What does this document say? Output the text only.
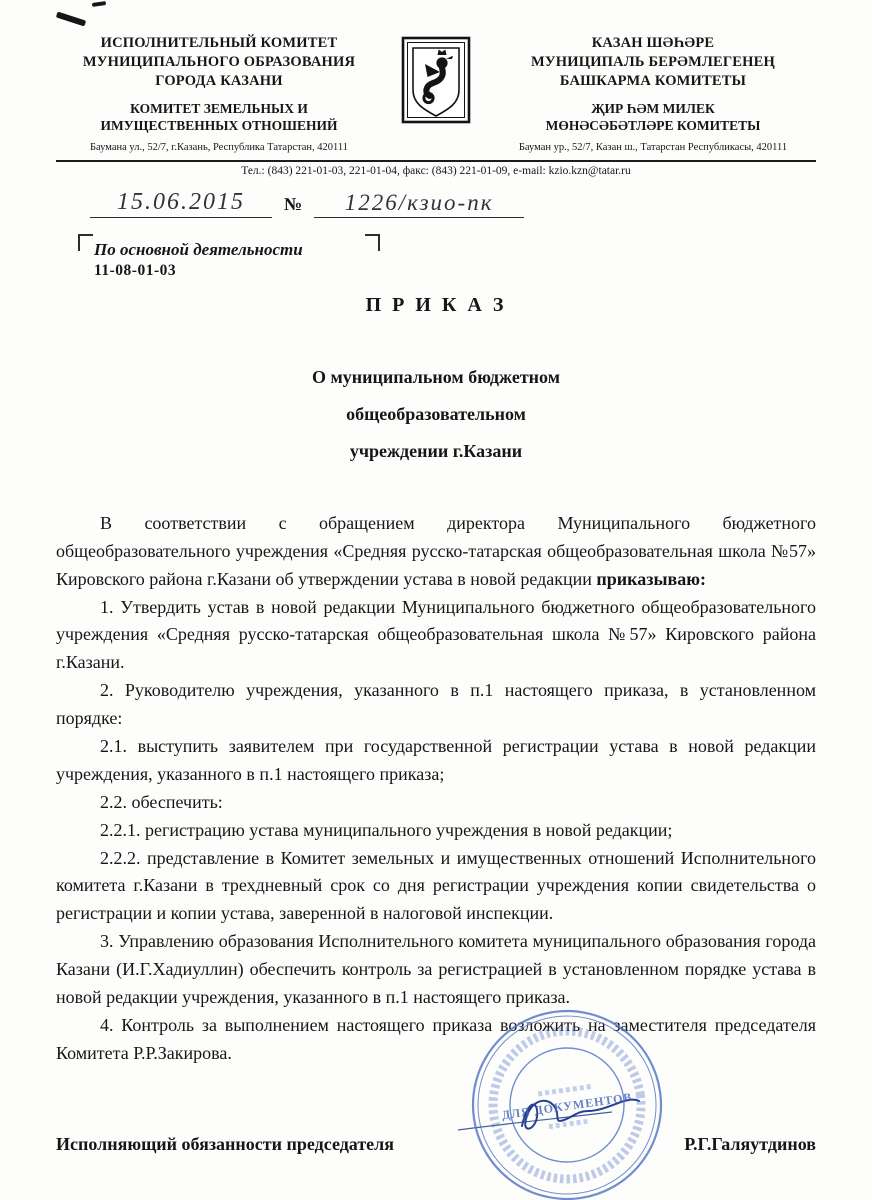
ИСПОЛНИТЕЛЬНЫЙ КОМИТЕТ
МУНИЦИПАЛЬНОГО ОБРАЗОВАНИЯ
ГОРОДА КАЗАНИ
КОМИТЕТ ЗЕМЕЛЬНЫХ И
ИМУЩЕСТВЕННЫХ ОТНОШЕНИЙ
Баумана ул., 52/7, г.Казань, Республика Татарстан, 420111
КАЗАН ШӘҺӘРЕ
МУНИЦИПАЛЬ БЕРӘМЛЕГЕНЕҢ
БАШКАРМА КОМИТЕТЫ
ҖИР ҺӘМ МИЛЕК
МӨНӘСӘБӘТЛӘРЕ КОМИТЕТЫ
Бауман ур., 52/7, Казан ш., Татарстан Республикасы, 420111
Тел.: (843) 221-01-03, 221-01-04, факс: (843) 221-01-09, e-mail: kzio.kzn@tatar.ru
15.06.2015	№	1226/кзио-пк
По основной деятельности
11-08-01-03
П Р И К А З
О муниципальном бюджетном
общеобразовательном
учреждении г.Казани

В соответствии с обращением директора Муниципального бюджетного общеобразовательного учреждения «Средняя русско-татарская общеобразовательная школа №57» Кировского района г.Казани об утверждении устава в новой редакции приказываю:

1. Утвердить устав в новой редакции Муниципального бюджетного общеобразовательного учреждения «Средняя русско-татарская общеобразовательная школа №57» Кировского района г.Казани.

2. Руководителю учреждения, указанного в п.1 настоящего приказа, в установленном порядке:

2.1. выступить заявителем при государственной регистрации устава в новой редакции учреждения, указанного в п.1 настоящего приказа;

2.2. обеспечить:

2.2.1. регистрацию устава муниципального учреждения в новой редакции;

2.2.2. представление в Комитет земельных и имущественных отношений Исполнительного комитета г.Казани в трехдневный срок со дня регистрации учреждения копии свидетельства о регистрации и копии устава, заверенной в налоговой инспекции.

3. Управлению образования Исполнительного комитета муниципального образования города Казани (И.Г.Хадиуллин) обеспечить контроль за регистрацией в установленном порядке устава в новой редакции учреждения, указанного в п.1 настоящего приказа.

4. Контроль за выполнением настоящего приказа возложить на заместителя председателя Комитета Р.Р.Закирова.

Исполняющий обязанности председателя	Р.Г.Галяутдинов
ДЛЯ ДОКУМЕНТОВ
